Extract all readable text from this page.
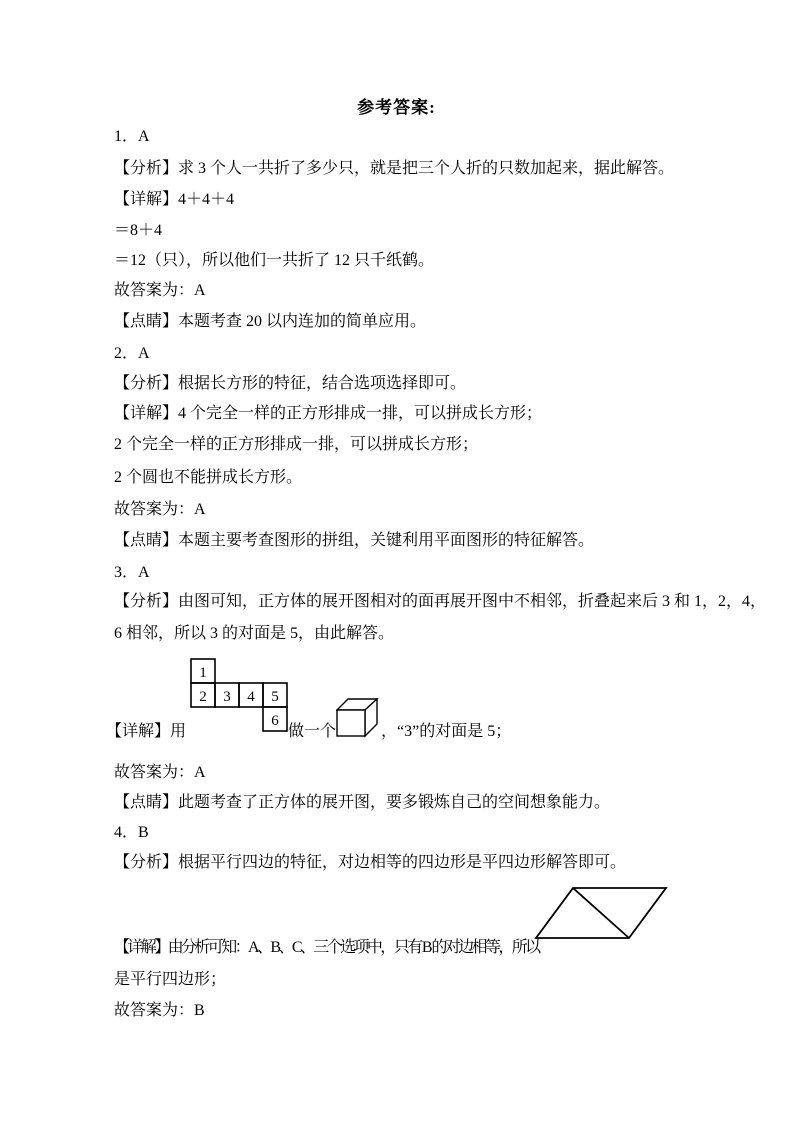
参考答案:
1．A
【分析】求 3 个人一共折了多少只，就是把三个人折的只数加起来，据此解答。
【详解】4＋4＋4
＝8＋4
＝12（只），所以他们一共折了 12 只千纸鹤。
故答案为：A
【点睛】本题考查 20 以内连加的简单应用。
2．A
【分析】根据长方形的特征，结合选项选择即可。
【详解】4 个完全一样的正方形排成一排，可以拼成长方形；
2 个完全一样的正方形排成一排，可以拼成长方形；
2 个圆也不能拼成长方形。
故答案为：A
【点睛】本题主要考查图形的拼组，关键利用平面图形的特征解答。
3．A
【分析】由图可知，正方体的展开图相对的面再展开图中不相邻，折叠起来后 3 和 1，2，4，
6 相邻，所以 3 的对面是 5，由此解答。
【详解】用
1
2 3 4 5
6
做一个	，“3”的对面是 5；
故答案为：A
【点睛】此题考查了正方体的展开图，要多锻炼自己的空间想象能力。
4．B
【分析】根据平行四边的特征，对边相等的四边形是平四边形解答即可。
【详解】由分析可知：A、B、C、三个选项中，只有 B 的对边相等，所以
是平行四边形；
故答案为：B
